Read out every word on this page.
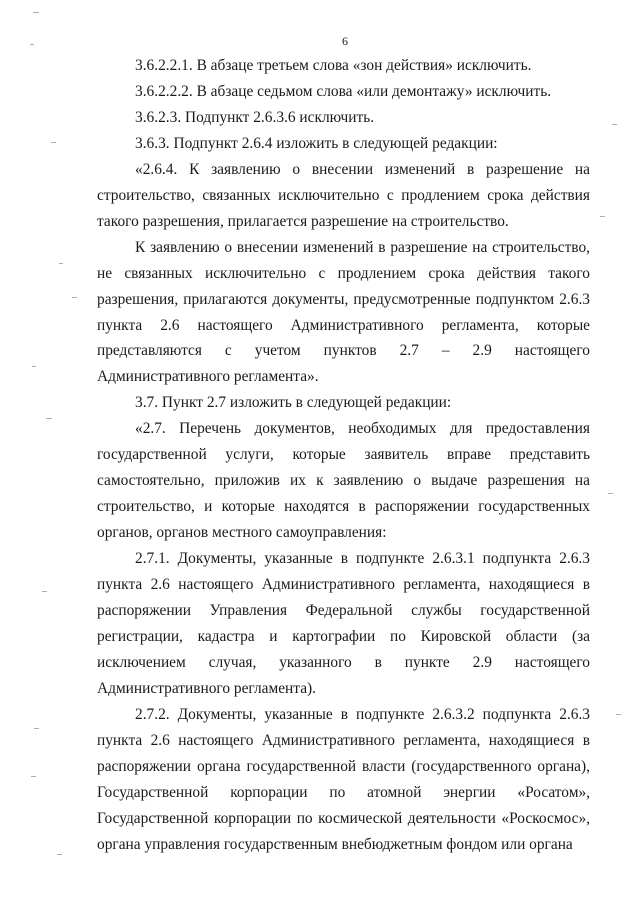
6

3.6.2.2.1. В абзаце третьем слова «зон действия» исключить.

3.6.2.2.2. В абзаце седьмом слова «или демонтажу» исключить.

3.6.2.3. Подпункт 2.6.3.6 исключить.

3.6.3. Подпункт 2.6.4 изложить в следующей редакции:

«2.6.4. К заявлению о внесении изменений в разрешение на строительство, связанных исключительно с продлением срока действия такого разрешения, прилагается разрешение на строительство.

К заявлению о внесении изменений в разрешение на строительство, не связанных исключительно с продлением срока действия такого разрешения, прилагаются документы, предусмотренные подпунктом 2.6.3 пункта 2.6 настоящего Административного регламента, которые представляются с учетом пунктов 2.7 – 2.9 настоящего Административного регламента».

3.7. Пункт 2.7 изложить в следующей редакции:

«2.7. Перечень документов, необходимых для предоставления государственной услуги, которые заявитель вправе представить самостоятельно, приложив их к заявлению о выдаче разрешения на строительство, и которые находятся в распоряжении государственных органов, органов местного самоуправления:

2.7.1. Документы, указанные в подпункте 2.6.3.1 подпункта 2.6.3 пункта 2.6 настоящего Административного регламента, находящиеся в распоряжении Управления Федеральной службы государственной регистрации, кадастра и картографии по Кировской области (за исключением случая, указанного в пункте 2.9 настоящего Административного регламента).

2.7.2. Документы, указанные в подпункте 2.6.3.2 подпункта 2.6.3 пункта 2.6 настоящего Административного регламента, находящиеся в распоряжении органа государственной власти (государственного органа), Государственной корпорации по атомной энергии «Росатом», Государственной корпорации по космической деятельности «Роскосмос», органа управления государственным внебюджетным фондом или органа
